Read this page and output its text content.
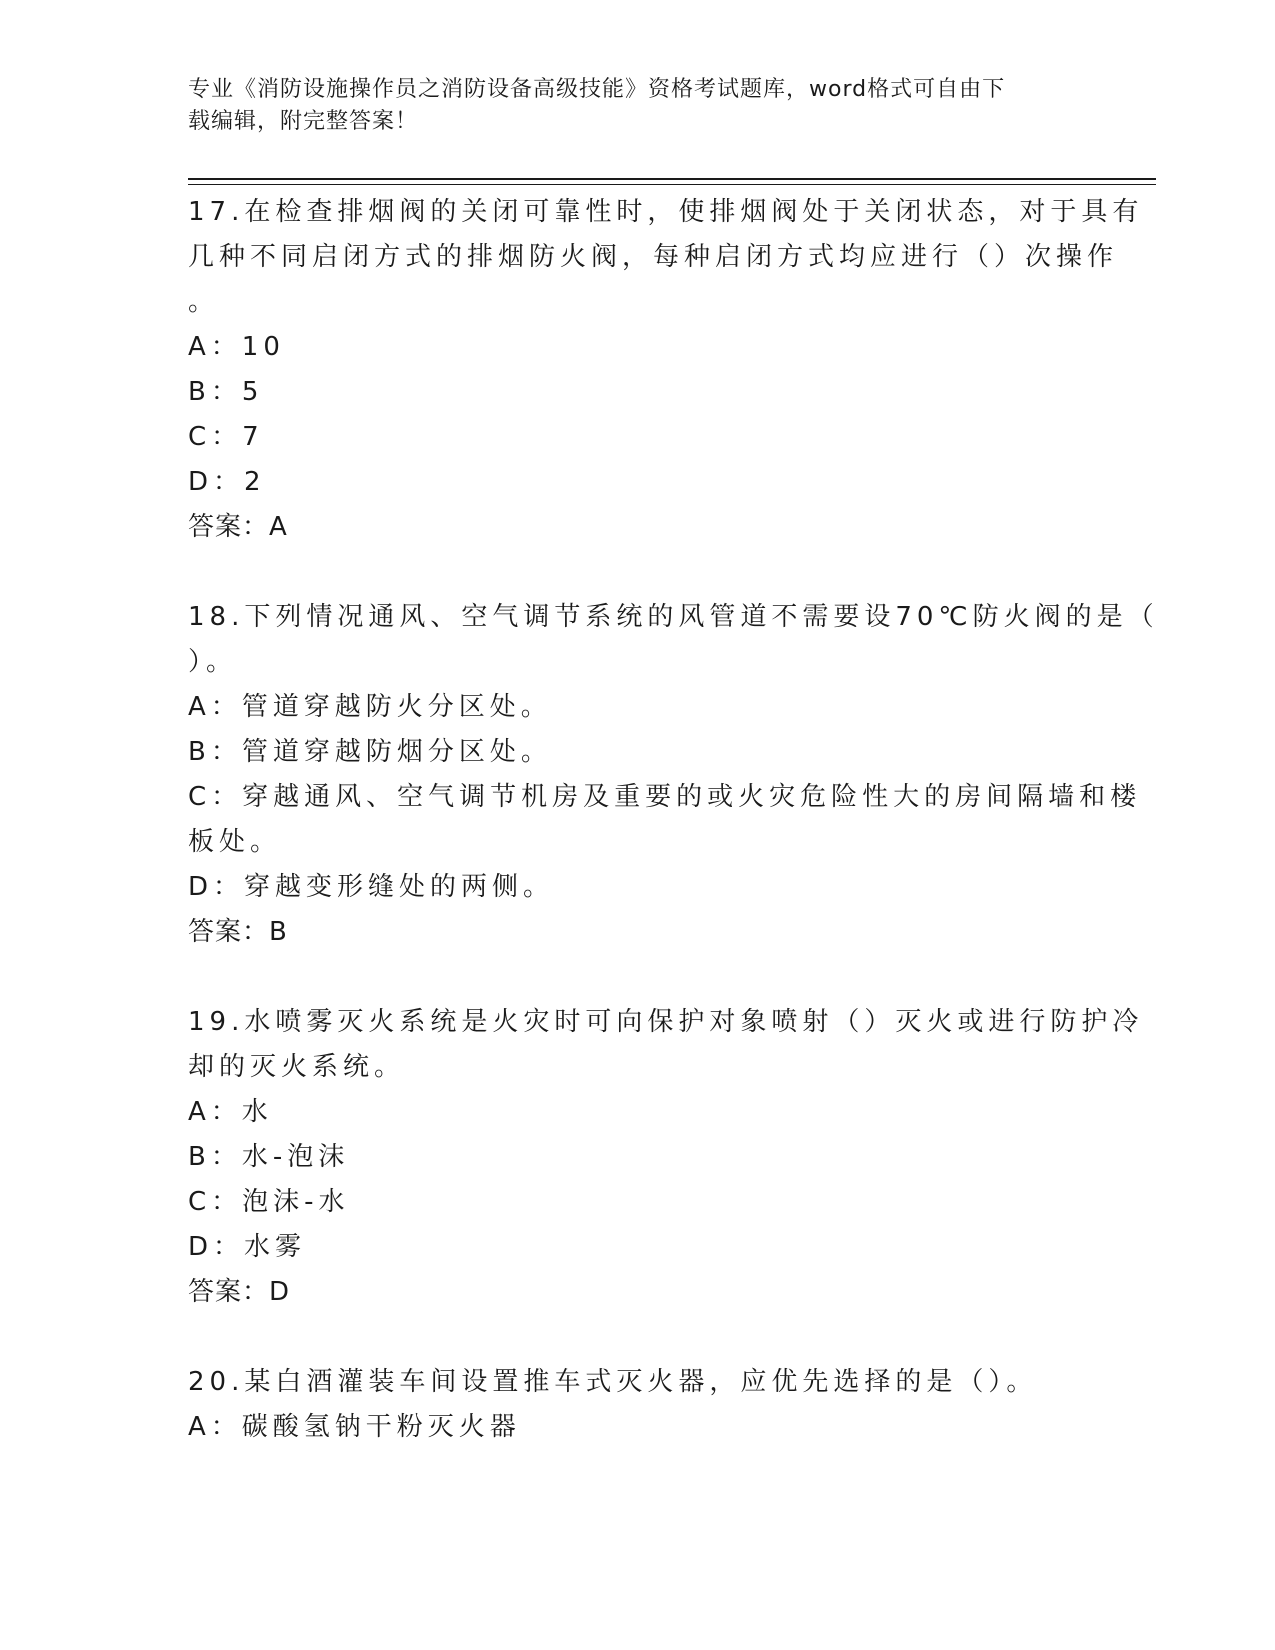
专业《消防设施操作员之消防设备高级技能》资格考试题库，word格式可自由下
载编辑，附完整答案！
17.在检查排烟阀的关闭可靠性时，使排烟阀处于关闭状态，对于具有
几种不同启闭方式的排烟防火阀，每种启闭方式均应进行（）次操作
。
A：10
B：5
C：7
D：2
答案：A
18.下列情况通风、空气调节系统的风管道不需要设70℃防火阀的是（
）。
A：管道穿越防火分区处。
B：管道穿越防烟分区处。
C：穿越通风、空气调节机房及重要的或火灾危险性大的房间隔墙和楼
板处。
D：穿越变形缝处的两侧。
答案：B
19.水喷雾灭火系统是火灾时可向保护对象喷射（）灭火或进行防护冷
却的灭火系统。
A：水
B：水-泡沫
C：泡沫-水
D：水雾
答案：D
20.某白酒灌装车间设置推车式灭火器，应优先选择的是（）。
A：碳酸氢钠干粉灭火器
